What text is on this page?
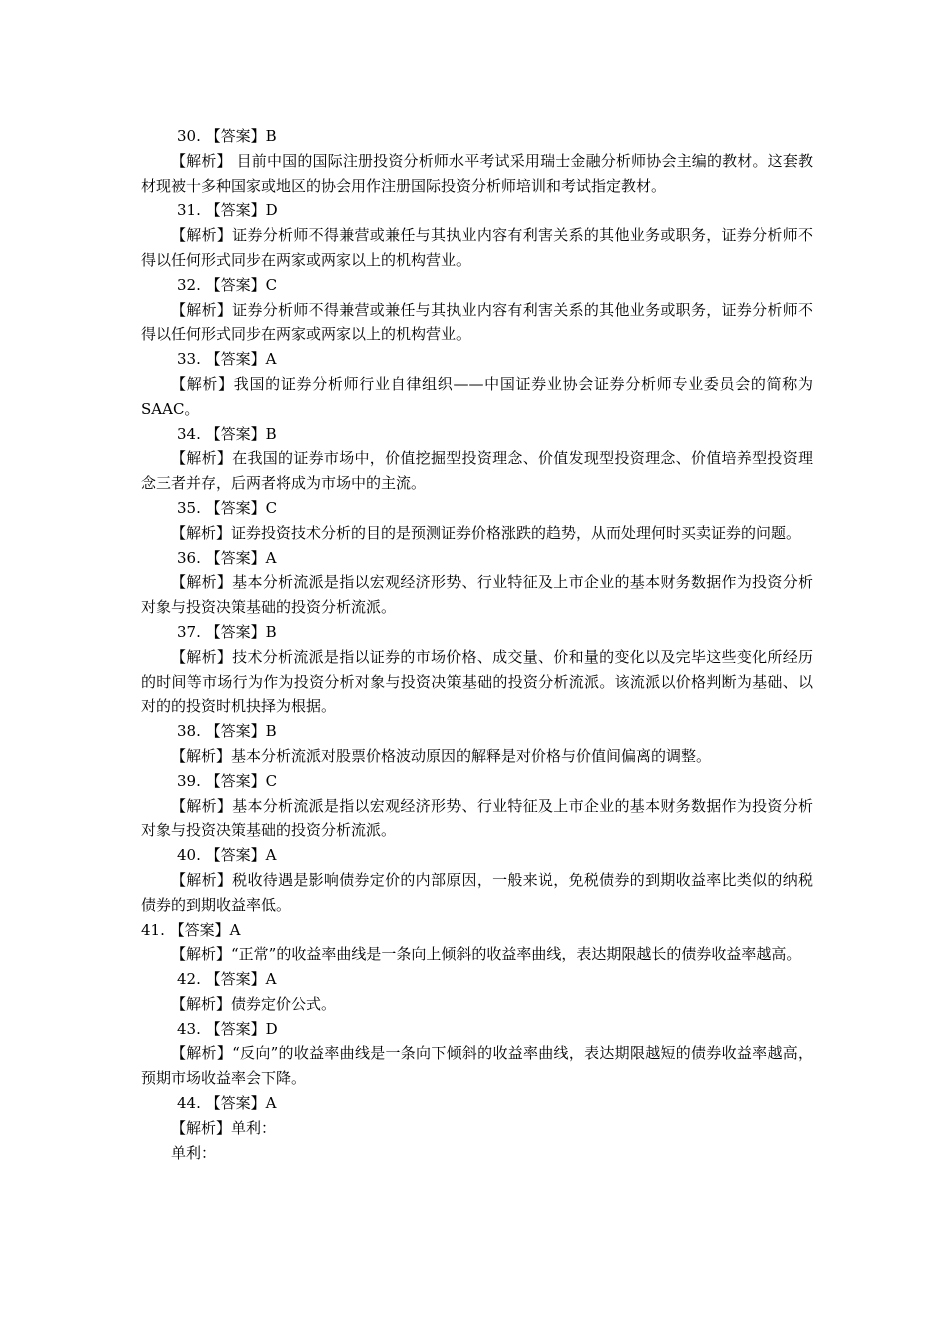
30. 【答案】B

【解析】 目前中国的国际注册投资分析师水平考试采用瑞士金融分析师协会主编的教材。这套教材现被十多种国家或地区的协会用作注册国际投资分析师培训和考试指定教材。

31. 【答案】D

【解析】证券分析师不得兼营或兼任与其执业内容有利害关系的其他业务或职务，证券分析师不得以任何形式同步在两家或两家以上的机构营业。

32. 【答案】C

【解析】证券分析师不得兼营或兼任与其执业内容有利害关系的其他业务或职务，证券分析师不得以任何形式同步在两家或两家以上的机构营业。

33. 【答案】A

【解析】我国的证券分析师行业自律组织——中国证券业协会证券分析师专业委员会的简称为SAAC。

34. 【答案】B

【解析】在我国的证券市场中，价值挖掘型投资理念、价值发现型投资理念、价值培养型投资理念三者并存，后两者将成为市场中的主流。

35. 【答案】C

【解析】证券投资技术分析的目的是预测证券价格涨跌的趋势，从而处理何时买卖证券的问题。

36. 【答案】A

【解析】基本分析流派是指以宏观经济形势、行业特征及上市企业的基本财务数据作为投资分析对象与投资决策基础的投资分析流派。

37. 【答案】B

【解析】技术分析流派是指以证券的市场价格、成交量、价和量的变化以及完毕这些变化所经历的时间等市场行为作为投资分析对象与投资决策基础的投资分析流派。该流派以价格判断为基础、以对的的投资时机抉择为根据。

38. 【答案】B

【解析】基本分析流派对股票价格波动原因的解释是对价格与价值间偏离的调整。

39. 【答案】C

【解析】基本分析流派是指以宏观经济形势、行业特征及上市企业的基本财务数据作为投资分析对象与投资决策基础的投资分析流派。

40. 【答案】A

【解析】税收待遇是影响债券定价的内部原因，一般来说，免税债券的到期收益率比类似的纳税债券的到期收益率低。

41. 【答案】A

【解析】“正常”的收益率曲线是一条向上倾斜的收益率曲线，表达期限越长的债券收益率越高。

42. 【答案】A

【解析】债券定价公式。

43. 【答案】D

【解析】“反向”的收益率曲线是一条向下倾斜的收益率曲线，表达期限越短的债券收益率越高，预期市场收益率会下降。

44. 【答案】A

【解析】单利：

单利：
